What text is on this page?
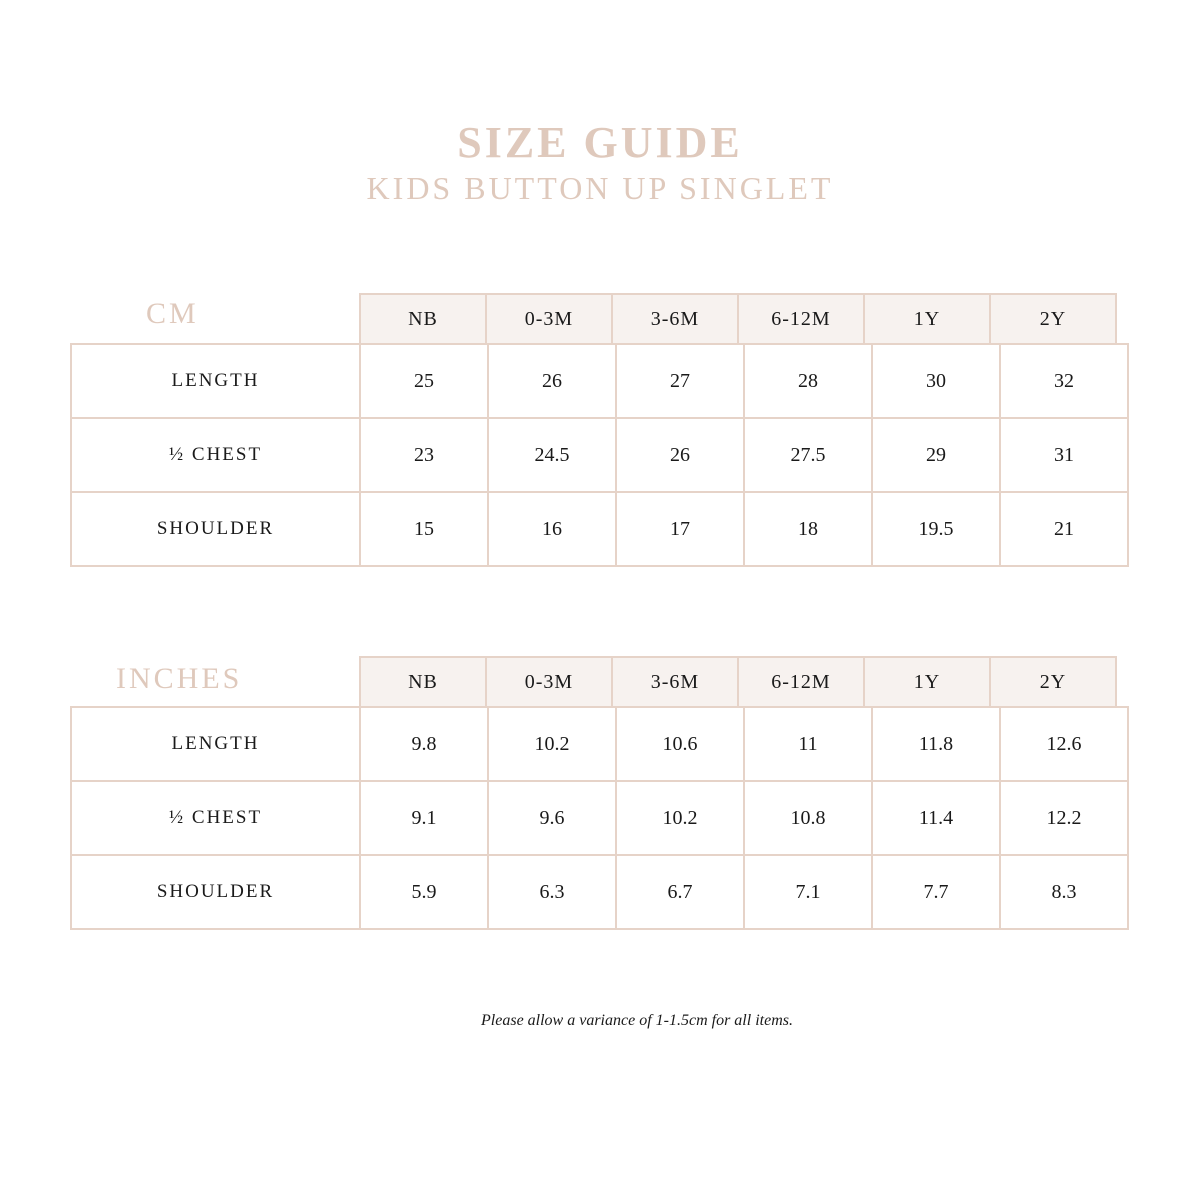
SIZE GUIDE
KIDS BUTTON UP SINGLET
CM	NB	0-3M	3-6M	6-12M	1Y	2Y
LENGTH	25	26	27	28	30	32
½ CHEST	23	24.5	26	27.5	29	31
SHOULDER	15	16	17	18	19.5	21
INCHES	NB	0-3M	3-6M	6-12M	1Y	2Y
LENGTH	9.8	10.2	10.6	11	11.8	12.6
½ CHEST	9.1	9.6	10.2	10.8	11.4	12.2
SHOULDER	5.9	6.3	6.7	7.1	7.7	8.3
Please allow a variance of 1-1.5cm for all items.
